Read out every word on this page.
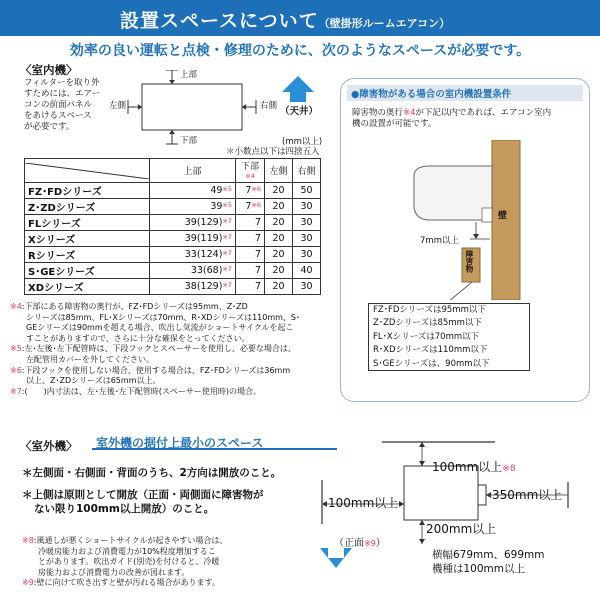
設置スペースについて（壁掛形ルームエアコン）
効率の良い運転と点検・修理のために、次のようなスペースが必要です。
〈室内機〉
フィルターを取り外
すためには、エアー
コンの前面パネル
をあけるスペース
が必要です。
上部
下部
左側	右側 （天井）
(mm以上)
＊小数点以下は四捨五入
	上部	下部$^{※4}$	左側	右側
FZ･FDシリーズ	49$^{※5}$	7$^{※6}$	20	50
Z･ZDシリーズ	39$^{※5}$	7$^{※6}$	20	30
FLシリーズ	$39(129)^{※7}$	7	20	30
Xシリーズ	$39(119)^{※7}$	7	20	30
Rシリーズ	$33(124)^{※7}$	7	20	30
S･GEシリーズ	$33(68)^{※7}$	7	20	40
XDシリーズ	$38(129)^{※7}$	7	20	30
※4:下部にある障害物の奥行が、FZ･FDシリーズは95mm、Z･ZD
シリーズは85mm、FL･Xシリーズは70mm、R･XDシリーズは110mm、S･
GEシリーズは90mmを超える場合、吹出し気流がショートサイクルを起こ
すことがありますので、さらに十分な確保をとってください。
※5:左･左後･左下配管時は、下段フックとスペーサーを使用し、必要な場合は、
左配管用カバーを外してください。
※6:下段フックを使用しない場合、使用する場合は、FZ･FDシリーズは36mm
以上、Z･ZDシリーズは65mm以上。
※7:(　　)内寸法は、左･左後･左下配管時(スペーサー使用時)の場合。
●障害物がある場合の室内機設置条件
障害物の奥行※4が下記以内であれば、エアコン室内
機の設置が可能です。
壁
障害物
7mm以上
FZ･FDシリーズは95mm以下
Z･ZDシリーズは85mm以下
FL･Xシリーズは70mm以下
R･XDシリーズは110mm以下
S･GEシリーズは、90mm以下
〈室外機〉 室外機の据付上最小のスペース
＊左側面・右側面・背面のうち、2方向は開放のこと。
＊上側は原則として開放（正面・両側面に障害物が
ない限り100mm以上開放）のこと。
※8:風通しが悪くショートサイクルが起きやすい場合は、
冷暖房能力および消費電力が10%程度増加するこ
とがあります。吹出ガイド(別売)を付けると、冷暖
房能力および消費電力の改善が図れます。
※9:壁に向けて吹き出すと壁が汚れる場合があります。
100mm以上※8
100mm以上
350mm以上
200mm以上
（正面※9）
横幅679mm、699mm
機種は100mm以上
